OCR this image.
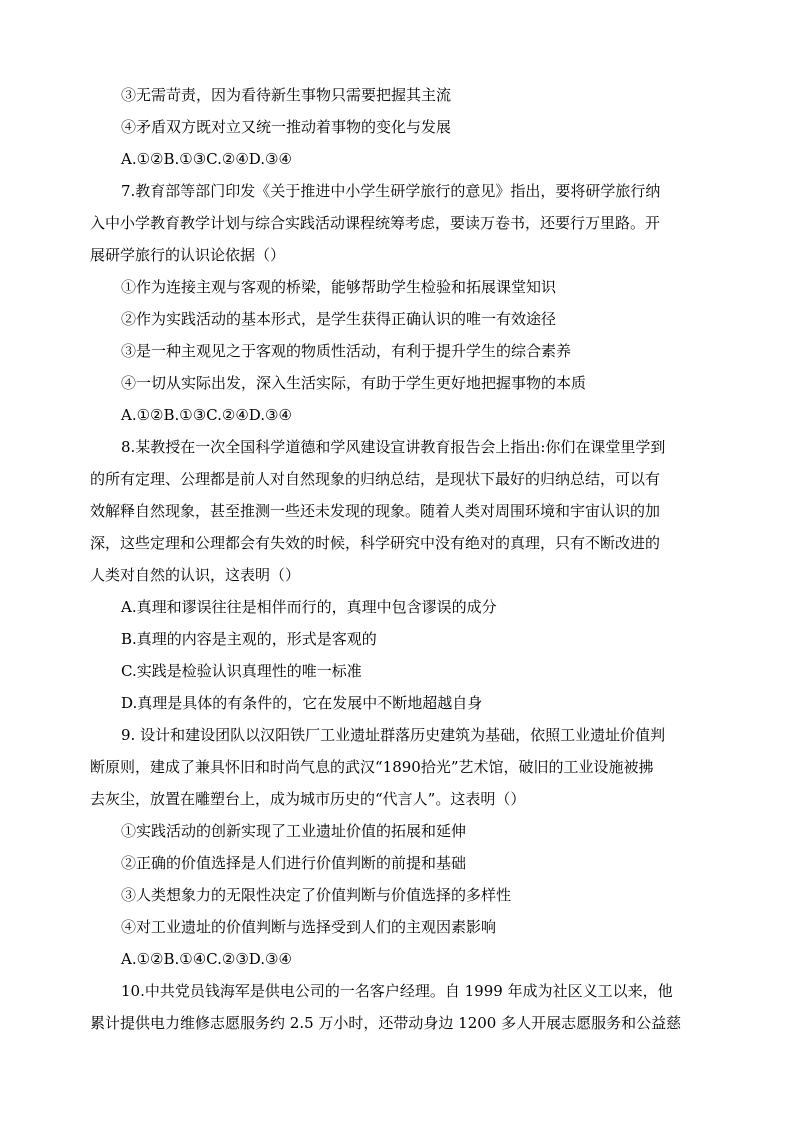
③无需苛责，因为看待新生事物只需要把握其主流
④矛盾双方既对立又统一推动着事物的变化与发展
A.①②B.①③C.②④D.③④
7.教育部等部门印发《关于推进中小学生研学旅行的意见》指出，要将研学旅行纳
入中小学教育教学计划与综合实践活动课程统筹考虑，要读万卷书，还要行万里路。开
展研学旅行的认识论依据（）
①作为连接主观与客观的桥梁，能够帮助学生检验和拓展课堂知识
②作为实践活动的基本形式，是学生获得正确认识的唯一有效途径
③是一种主观见之于客观的物质性活动，有利于提升学生的综合素养
④一切从实际出发，深入生活实际，有助于学生更好地把握事物的本质
A.①②B.①③C.②④D.③④
8.某教授在一次全国科学道德和学风建设宣讲教育报告会上指出:你们在课堂里学到
的所有定理、公理都是前人对自然现象的归纳总结，是现状下最好的归纳总结，可以有
效解释自然现象，甚至推测一些还未发现的现象。随着人类对周围环境和宇宙认识的加
深，这些定理和公理都会有失效的时候，科学研究中没有绝对的真理，只有不断改进的
人类对自然的认识，这表明（）
A.真理和谬误往往是相伴而行的，真理中包含谬误的成分
B.真理的内容是主观的，形式是客观的
C.实践是检验认识真理性的唯一标准
D.真理是具体的有条件的，它在发展中不断地超越自身
9. 设计和建设团队以汉阳铁厂工业遗址群落历史建筑为基础，依照工业遗址价值判
断原则，建成了兼具怀旧和时尚气息的武汉“1890拾光”艺术馆，破旧的工业设施被拂
去灰尘，放置在雕塑台上，成为城市历史的“代言人”。这表明（）
①实践活动的创新实现了工业遗址价值的拓展和延伸
②正确的价值选择是人们进行价值判断的前提和基础
③人类想象力的无限性决定了价值判断与价值选择的多样性
④对工业遗址的价值判断与选择受到人们的主观因素影响
A.①②B.①④C.②③D.③④
10.中共党员钱海军是供电公司的一名客户经理。自 1999 年成为社区义工以来，他
累计提供电力维修志愿服务约 2.5 万小时，还带动身边 1200 多人开展志愿服务和公益慈
